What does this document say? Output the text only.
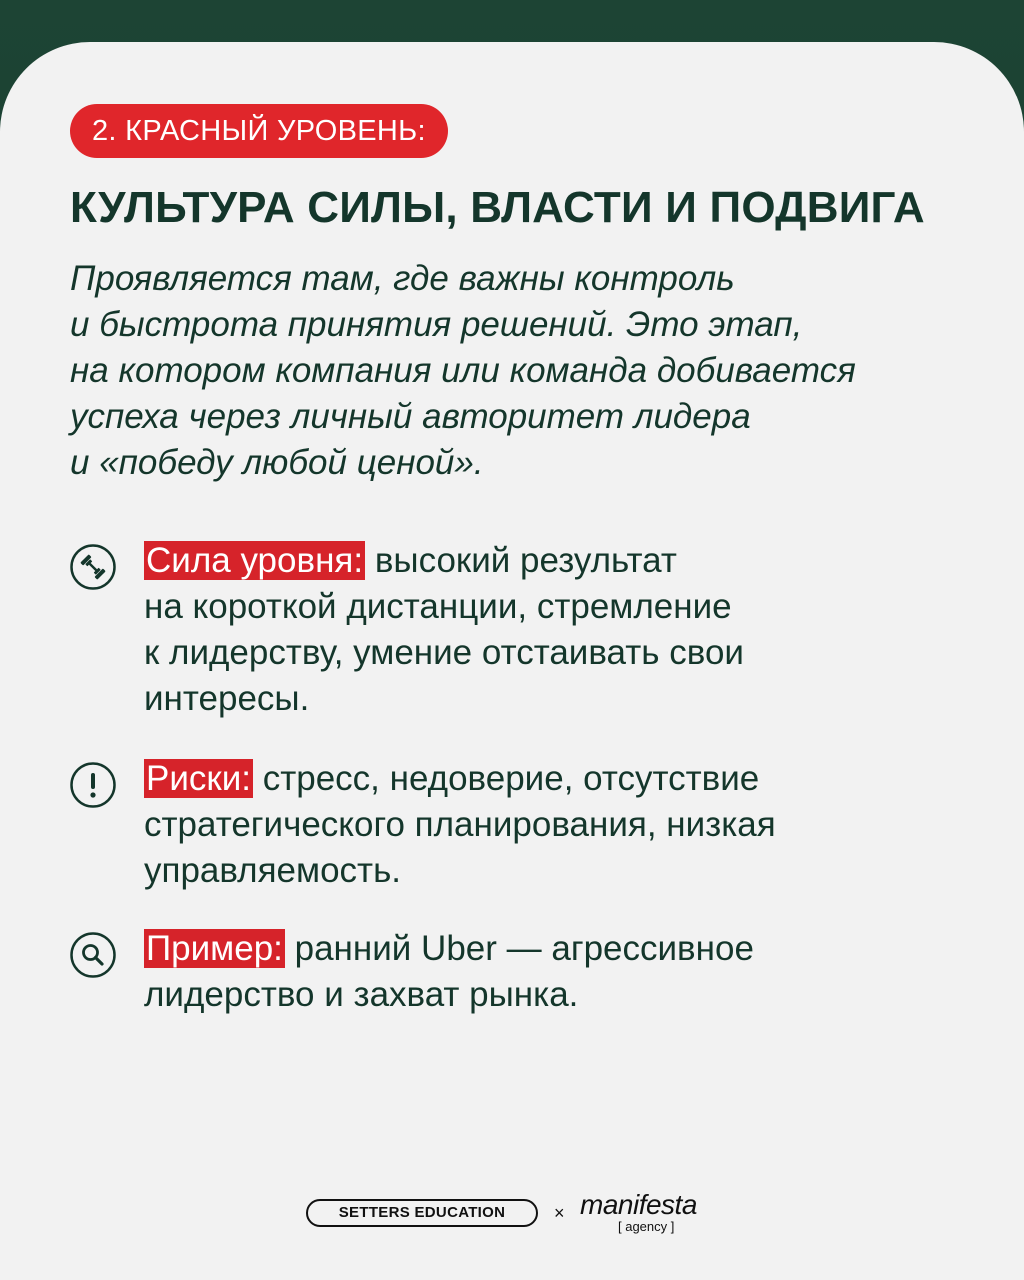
2. КРАСНЫЙ УРОВЕНЬ:
КУЛЬТУРА СИЛЫ, ВЛАСТИ И ПОДВИГА

Проявляется там, где важны контроль
и быстрота принятия решений. Это этап,
на котором компания или команда добивается
успеха через личный авторитет лидера
и «победу любой ценой».

Сила уровня: высокий результат
на короткой дистанции, стремление
к лидерству, умение отстаивать свои
интересы.
Риски: стресс, недоверие, отсутствие
стратегического планирования, низкая
управляемость.
Пример: ранний Uber — агрессивное
лидерство и захват рынка.
SETTERS EDUCATION	× manifesta
[ agency ]
